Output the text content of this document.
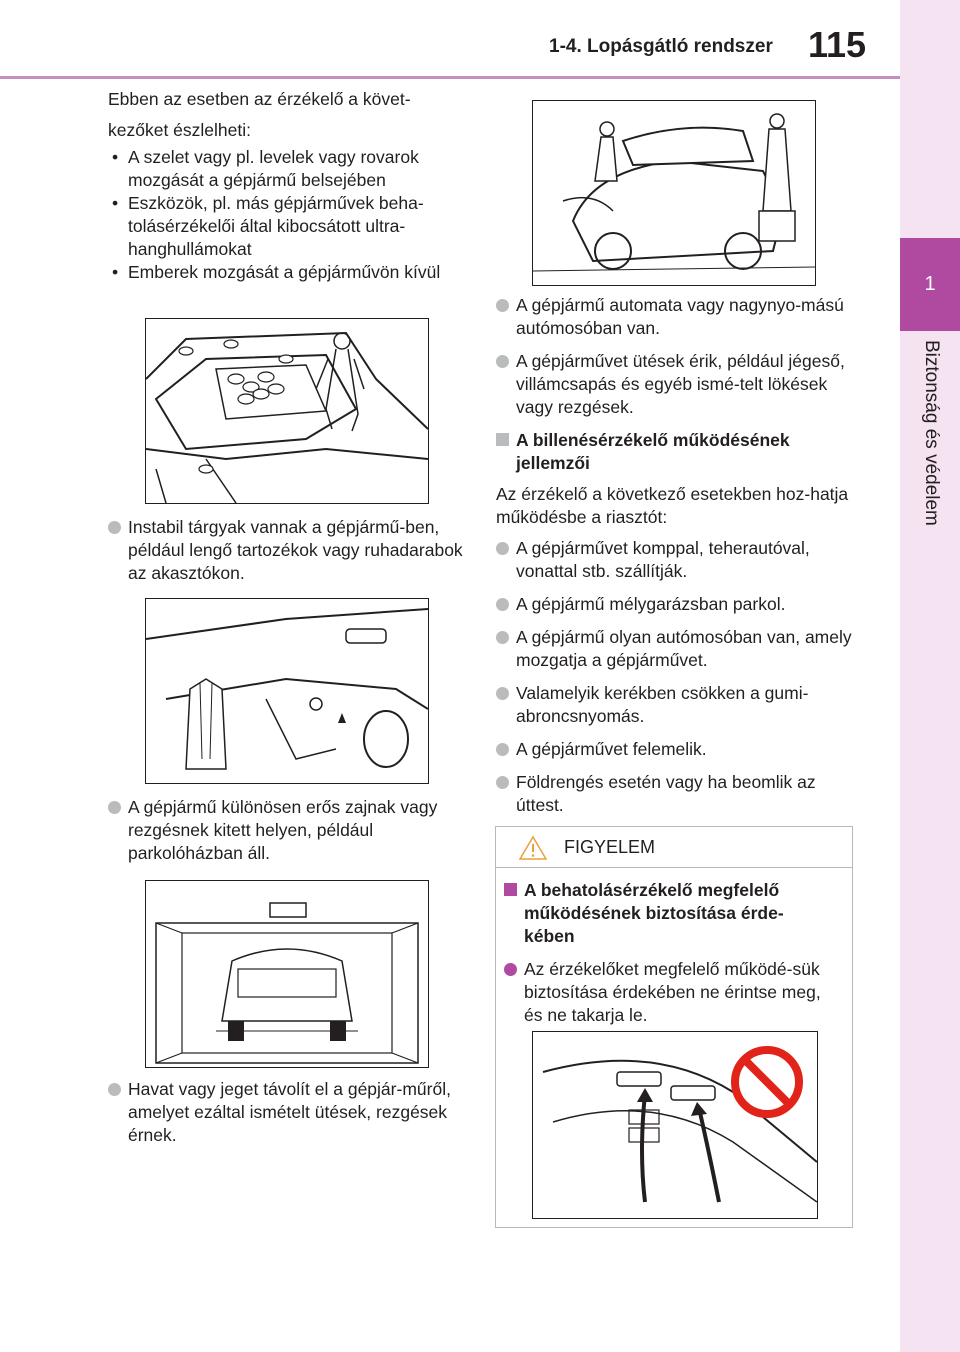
1-4. Lopásgátló rendszer 115
1
Biztonság és védelem

Ebben az esetben az érzékelő a követ-

kezőket észlelheti:

• A szelet vagy pl. levelek vagy rovarok mozgását a gépjármű belsejében
• Eszközök, pl. más gépjárművek beha-tolásérzékelői által kibocsátott ultra-hanghullámokat
• Emberek mozgását a gépjárművön kívül
Instabil tárgyak vannak a gépjármű-ben, például lengő tartozékok vagy ruhadarabok az akasztókon.
A gépjármű különösen erős zajnak vagy rezgésnek kitett helyen, például parkolóházban áll.
Havat vagy jeget távolít el a gépjár-műről, amelyet ezáltal ismételt ütések, rezgések érnek.
A gépjármű automata vagy nagynyo-mású autómosóban van.
A gépjárművet ütések érik, például jégeső, villámcsapás és egyéb ismé-telt lökések vagy rezgések.
A billenésérzékelő működésének jellemzői

Az érzékelő a következő esetekben hoz-hatja működésbe a riasztót:

A gépjárművet komppal, teherautóval, vonattal stb. szállítják.
A gépjármű mélygarázsban parkol.
A gépjármű olyan autómosóban van, amely mozgatja a gépjárművet.
Valamelyik kerékben csökken a gumi-abroncsnyomás.
A gépjárművet felemelik.
Földrengés esetén vagy ha beomlik az úttest.
FIGYELEM
A behatolásérzékelő megfelelő működésének biztosítása érde-kében
Az érzékelőket megfelelő működé-sük biztosítása érdekében ne érintse meg, és ne takarja le.
